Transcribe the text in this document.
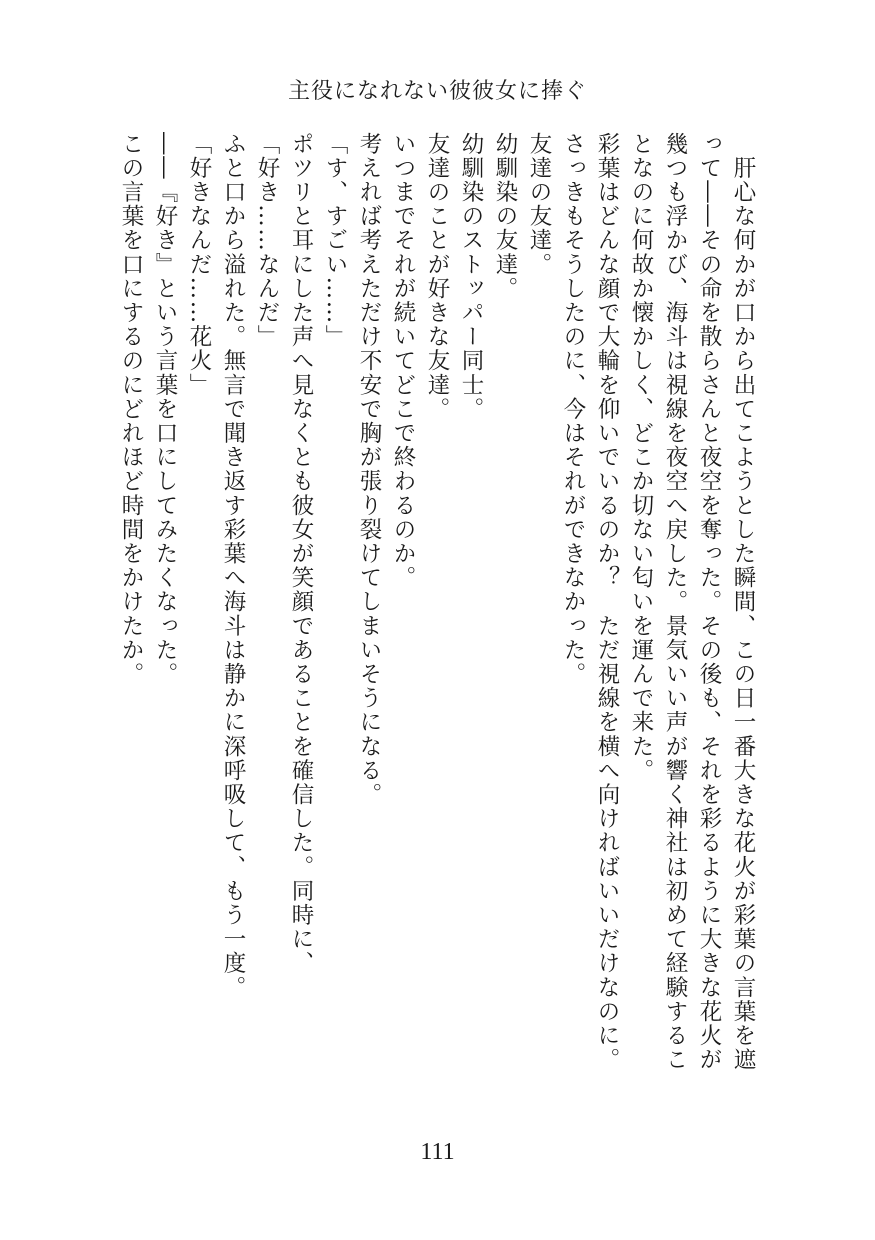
主役になれない彼彼女に捧ぐ

　肝心な何かが口から出てこようとした瞬間、この日一番大きな花火が彩葉の言葉を遮って――その命を散らさんと夜空を奪った。その後も、それを彩るように大きな花火が幾つも浮かび、海斗は視線を夜空へ戻した。景気いい声が響く神社は初めて経験することなのに何故か懐かしく、どこか切ない匂いを運んで来た。

彩葉はどんな顔で大輪を仰いでいるのか？　ただ視線を横へ向ければいいだけなのに。

さっきもそうしたのに、今はそれができなかった。

友達の友達。

幼馴染の友達。

幼馴染のストッパー同士。

友達のことが好きな友達。

いつまでそれが続いてどこで終わるのか。

考えれば考えただけ不安で胸が張り裂けてしまいそうになる。

「す、すごい……」

ポツリと耳にした声へ見なくとも彼女が笑顔であることを確信した。同時に、

「好き……なんだ」

ふと口から溢れた。無言で聞き返す彩葉へ海斗は静かに深呼吸して、もう一度。

「好きなんだ……花火」

――『好き』という言葉を口にしてみたくなった。

この言葉を口にするのにどれほど時間をかけたか。

111
